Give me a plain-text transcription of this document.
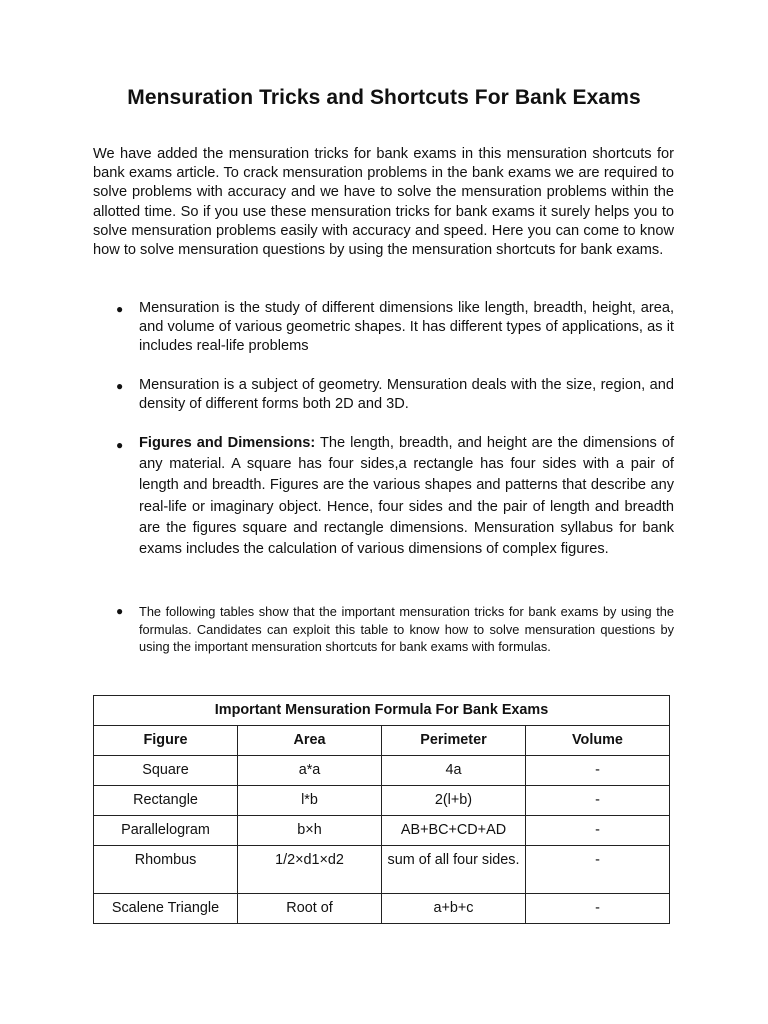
Mensuration Tricks and Shortcuts For Bank Exams

We have added the mensuration tricks for bank exams in this mensuration shortcuts for bank exams article. To crack mensuration problems in the bank exams we are required to solve problems with accuracy and we have to solve the mensuration problems within the allotted time. So if you use these mensuration tricks for bank exams it surely helps you to solve mensuration problems easily with accuracy and speed. Here you can come to know how to solve mensuration questions by using the mensuration shortcuts for bank exams.

● Mensuration is the study of different dimensions like length, breadth, height, area, and volume of various geometric shapes. It has different types of applications, as it includes real-life problems

● Mensuration is a subject of geometry. Mensuration deals with the size, region, and density of different forms both 2D and 3D.

● Figures and Dimensions: The length, breadth, and height are the dimensions of any material. A square has four sides,a rectangle has four sides with a pair of length and breadth. Figures are the various shapes and patterns that describe any real-life or imaginary object. Hence, four sides and the pair of length and breadth are the figures square and rectangle dimensions. Mensuration syllabus for bank exams includes the calculation of various dimensions of complex figures.

● The following tables show that the important mensuration tricks for bank exams by using the formulas. Candidates can exploit this table to know how to solve mensuration questions by using the important mensuration shortcuts for bank exams with formulas.

Important Mensuration Formula For Bank Exams			
Figure	Area	Perimeter	Volume
Square	a*a	4a	-
Rectangle	l*b	2(l+b)	-
Parallelogram	b×h	AB+BC+CD+AD	-
Rhombus	1/2×d1×d2	sum of all four sides.	-
Scalene Triangle	Root of	a+b+c	-
